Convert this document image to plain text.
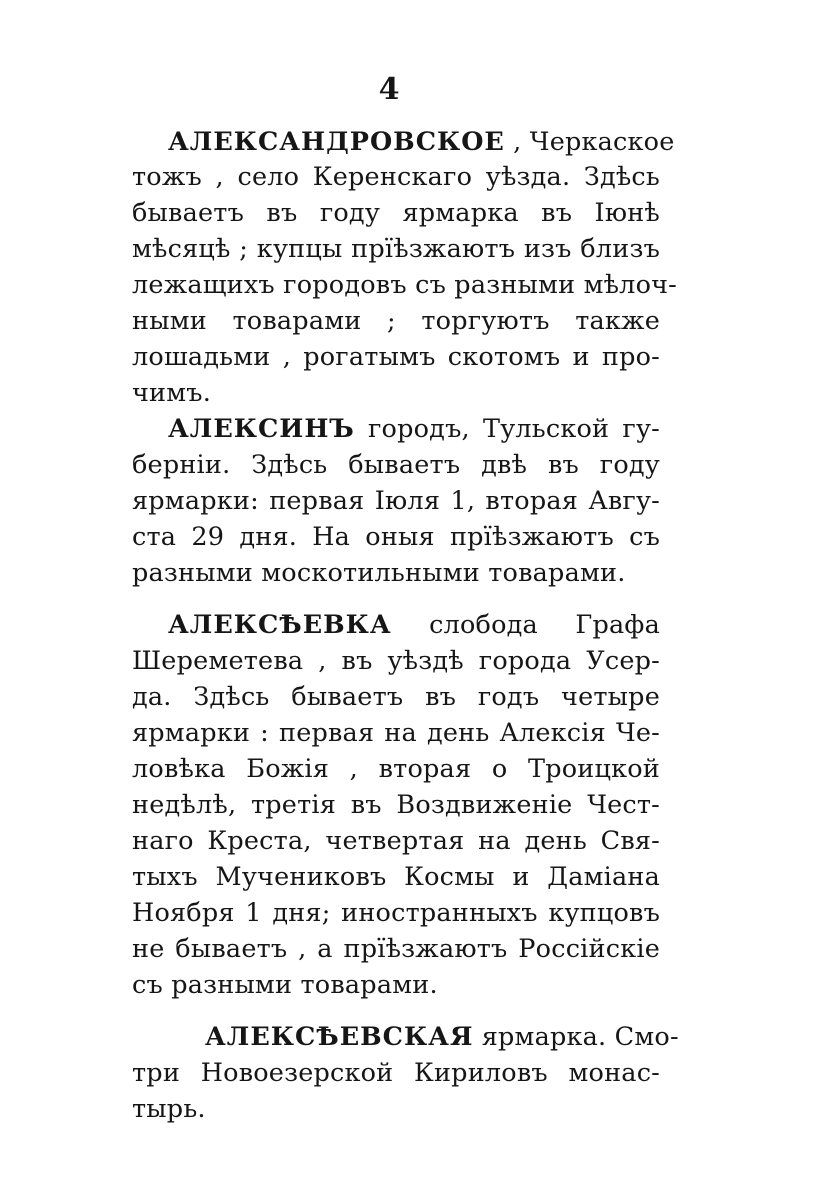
4
АЛЕКСАНДРОВСКОЕ , Черкаское
тожъ , село Керенскаго уѣзда. Здѣсь
бываетъ въ году ярмарка въ Іюнѣ
мѣсяцѣ ; купцы прїѣзжаютъ изъ близъ
лежащихъ городовъ съ разными мѣлоч-
ными товарами ; торгуютъ также
лошадьми , рогатымъ скотомъ и про-
чимъ.
АЛЕКСИНЪ городъ, Тульской гу-
берніи. Здѣсь бываетъ двѣ въ году
ярмарки: первая Іюля 1, вторая Авгу-
ста 29 дня. На оныя прїѣзжаютъ съ
разными москотильными товарами.
АЛЕКСѢЕВКА слобода Графа
Шереметева , въ уѣздѣ города Усер-
да. Здѣсь бываетъ въ годъ четыре
ярмарки : первая на день Алексія Че-
ловѣка Божія , вторая о Троицкой
недѣлѣ, третія въ Воздвиженіе Чест-
наго Креста, четвертая на день Свя-
тыхъ Мучениковъ Космы и Даміана
Ноября 1 дня; иностранныхъ купцовъ
не бываетъ , а прїѣзжаютъ Россійскіе
съ разными товарами.
АЛЕКСѢЕВСКАЯ ярмарка. Смо-
три Новоезерской Кириловъ монас-
тырь.
